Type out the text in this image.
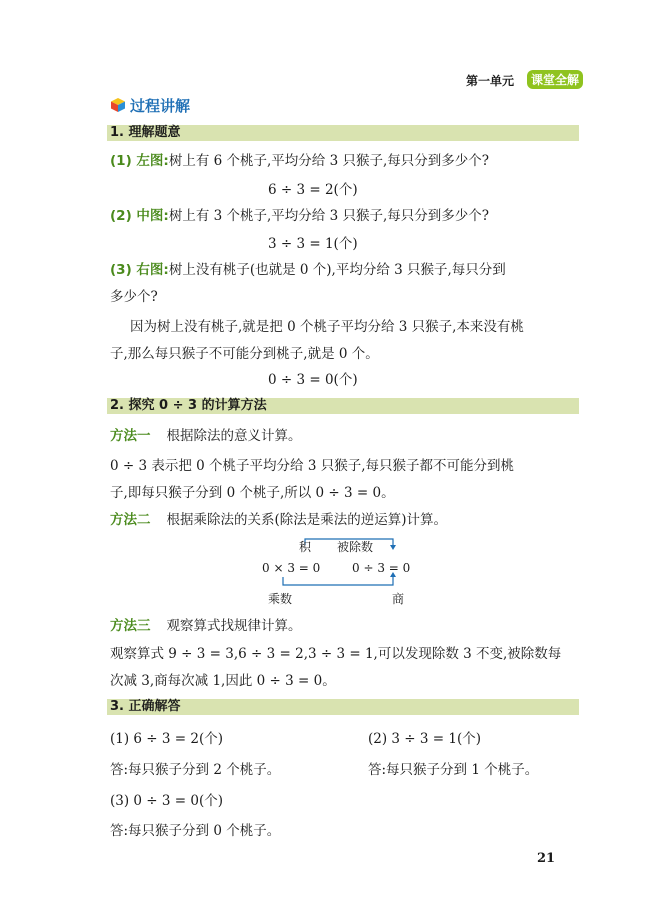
第一单元	课堂全解
过程讲解
1. 理解题意
(1) 左图:树上有 6 个桃子,平均分给 3 只猴子,每只分到多少个?
6 ÷ 3 = 2(个)
(2) 中图:树上有 3 个桃子,平均分给 3 只猴子,每只分到多少个?
3 ÷ 3 = 1(个)
(3) 右图:树上没有桃子(也就是 0 个),平均分给 3 只猴子,每只分到
多少个?
因为树上没有桃子,就是把 0 个桃子平均分给 3 只猴子,本来没有桃
子,那么每只猴子不可能分到桃子,就是 0 个。
0 ÷ 3 = 0(个)
2. 探究 0 ÷ 3 的计算方法
方法一 根据除法的意义计算。
0 ÷ 3 表示把 0 个桃子平均分给 3 只猴子,每只猴子都不可能分到桃
子,即每只猴子分到 0 个桃子,所以 0 ÷ 3 = 0。
方法二 根据乘除法的关系(除法是乘法的逆运算)计算。
积 被除数
0 × 3 = 0	0 ÷ 3 = 0
乘数	商
方法三 观察算式找规律计算。
观察算式 9 ÷ 3 = 3,6 ÷ 3 = 2,3 ÷ 3 = 1,可以发现除数 3 不变,被除数每
次减 3,商每次减 1,因此 0 ÷ 3 = 0。
3. 正确解答
(1) 6 ÷ 3 = 2(个)	(2) 3 ÷ 3 = 1(个)
答:每只猴子分到 2 个桃子。	答:每只猴子分到 1 个桃子。
(3) 0 ÷ 3 = 0(个)
答:每只猴子分到 0 个桃子。
21
